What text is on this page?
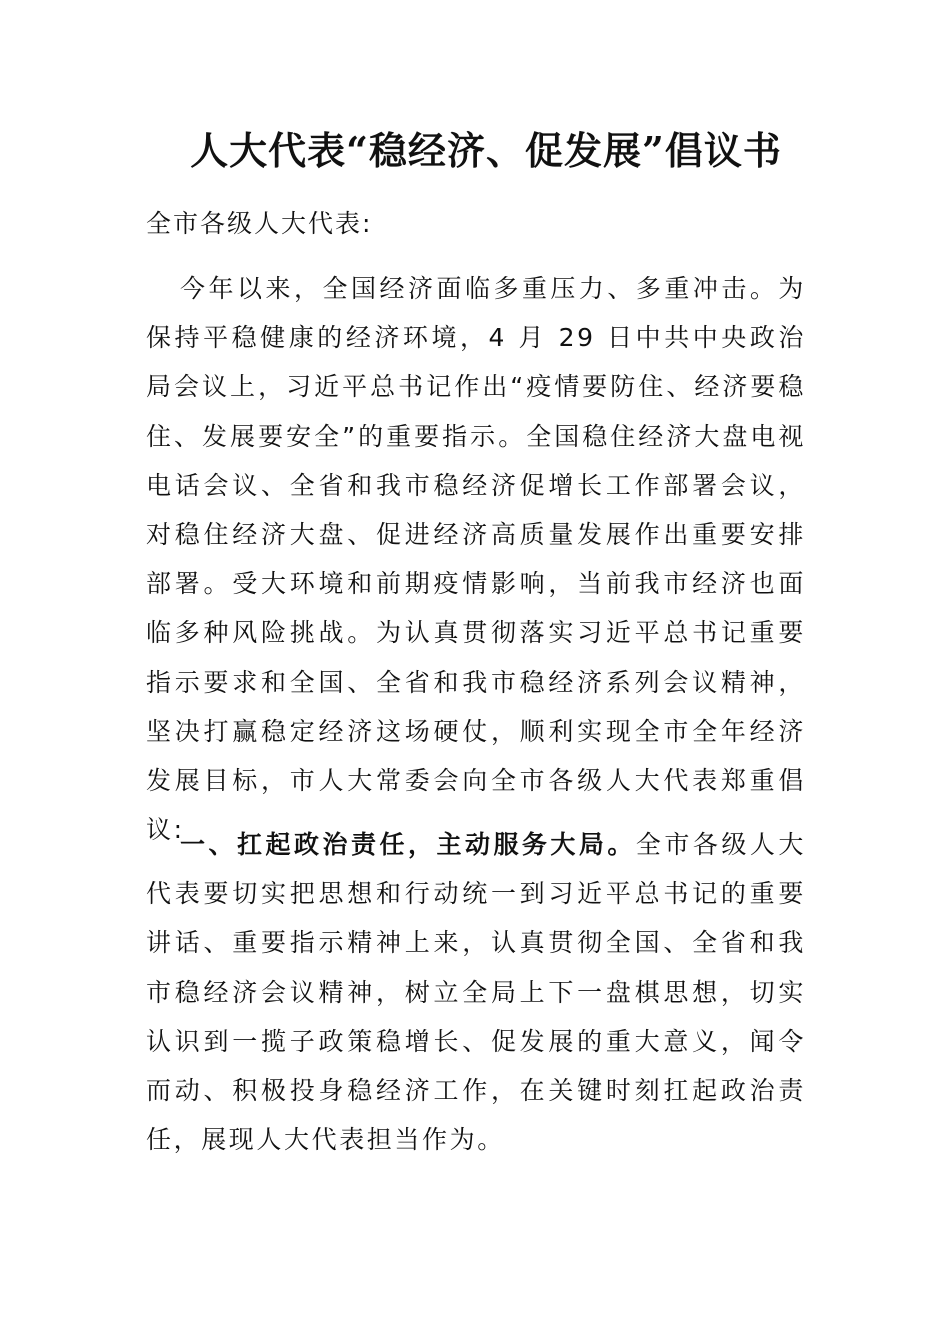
人大代表“稳经济、促发展”倡议书

全市各级人大代表:

今年以来，全国经济面临多重压力、多重冲击。为保持平稳健康的经济环境，4 月 29 日中共中央政治局会议上，习近平总书记作出“疫情要防住、经济要稳住、发展要安全”的重要指示。全国稳住经济大盘电视电话会议、全省和我市稳经济促增长工作部署会议，对稳住经济大盘、促进经济高质量发展作出重要安排部署。受大环境和前期疫情影响，当前我市经济也面临多种风险挑战。为认真贯彻落实习近平总书记重要指示要求和全国、全省和我市稳经济系列会议精神，坚决打赢稳定经济这场硬仗，顺利实现全市全年经济发展目标，市人大常委会向全市各级人大代表郑重倡议:

一、扛起政治责任，主动服务大局。全市各级人大代表要切实把思想和行动统一到习近平总书记的重要讲话、重要指示精神上来，认真贯彻全国、全省和我市稳经济会议精神，树立全局上下一盘棋思想，切实认识到一揽子政策稳增长、促发展的重大意义，闻令而动、积极投身稳经济工作，在关键时刻扛起政治责任，展现人大代表担当作为。
